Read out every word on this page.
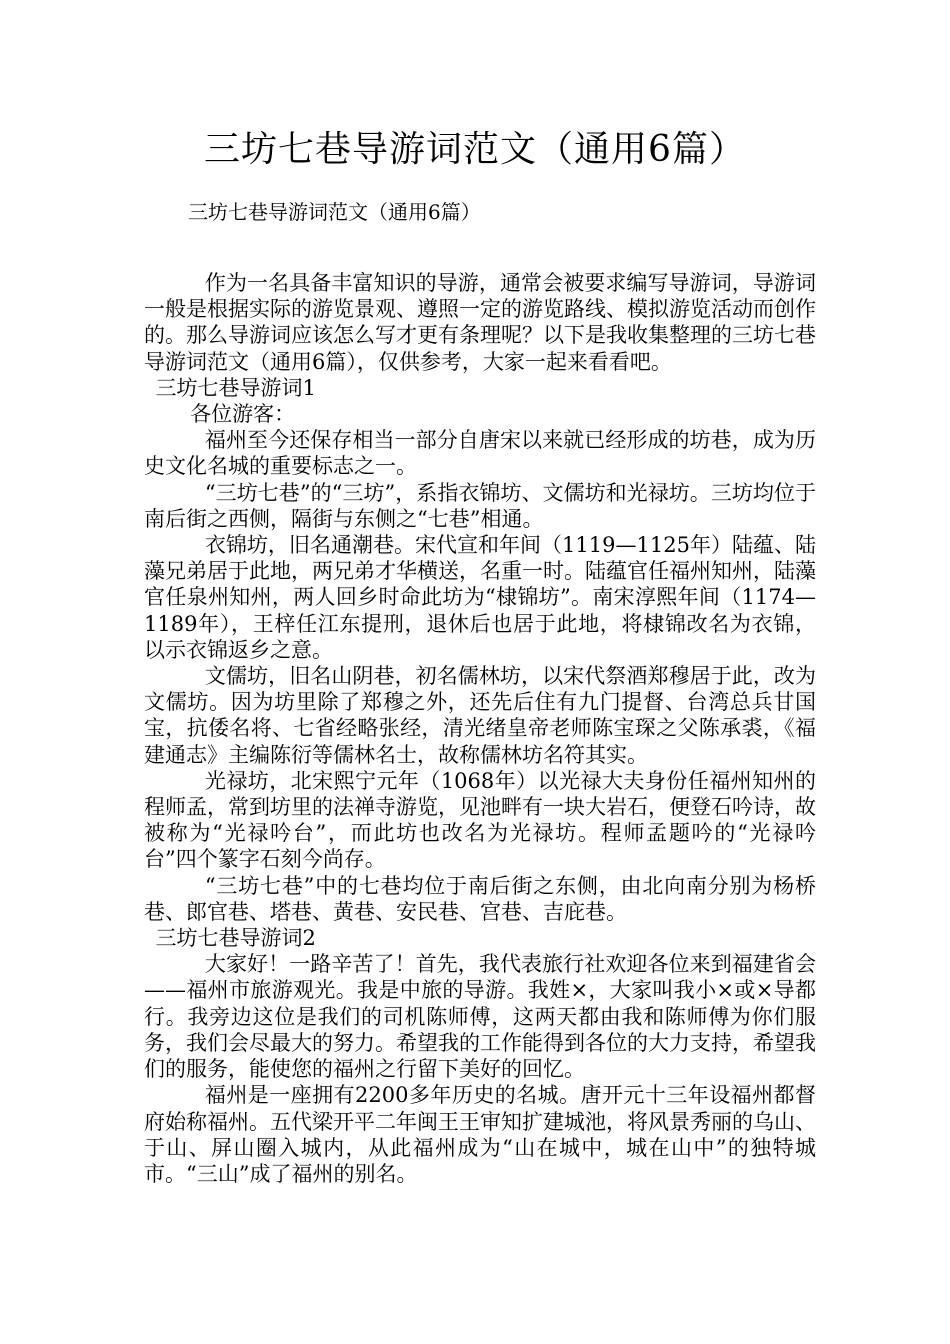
三坊七巷导游词范文（通用6篇）
三坊七巷导游词范文（通用6篇）

作为一名具备丰富知识的导游，通常会被要求编写导游词，导游词一般是根据实际的游览景观、遵照一定的游览路线、模拟游览活动而创作的。那么导游词应该怎么写才更有条理呢？以下是我收集整理的三坊七巷导游词范文（通用6篇），仅供参考，大家一起来看看吧。

三坊七巷导游词1

各位游客：

福州至今还保存相当一部分自唐宋以来就已经形成的坊巷，成为历史文化名城的重要标志之一。

“三坊七巷”的“三坊”，系指衣锦坊、文儒坊和光禄坊。三坊均位于南后街之西侧，隔街与东侧之“七巷”相通。

衣锦坊，旧名通潮巷。宋代宣和年间（1119—1125年）陆蕴、陆藻兄弟居于此地，两兄弟才华横送，名重一时。陆蕴官任福州知州，陆藻官任泉州知州，两人回乡时命此坊为“棣锦坊”。南宋淳熙年间（1174—1189年），王梓任江东提刑，退休后也居于此地，将棣锦改名为衣锦，以示衣锦返乡之意。

文儒坊，旧名山阴巷，初名儒林坊，以宋代祭酒郑穆居于此，改为文儒坊。因为坊里除了郑穆之外，还先后住有九门提督、台湾总兵甘国宝，抗倭名将、七省经略张经，清光绪皇帝老师陈宝琛之父陈承裘，《福建通志》主编陈衍等儒林名士，故称儒林坊名符其实。

光禄坊，北宋熙宁元年（1068年）以光禄大夫身份任福州知州的程师孟，常到坊里的法禅寺游览，见池畔有一块大岩石，便登石吟诗，故被称为“光禄吟台”，而此坊也改名为光禄坊。程师孟题吟的“光禄吟台”四个篆字石刻今尚存。

“三坊七巷”中的七巷均位于南后街之东侧，由北向南分别为杨桥巷、郎官巷、塔巷、黄巷、安民巷、宫巷、吉庇巷。

三坊七巷导游词2

大家好！一路辛苦了！首先，我代表旅行社欢迎各位来到福建省会——福州市旅游观光。我是中旅的导游。我姓×，大家叫我小×或×导都行。我旁边这位是我们的司机陈师傅，这两天都由我和陈师傅为你们服务，我们会尽最大的努力。希望我的工作能得到各位的大力支持，希望我们的服务，能使您的福州之行留下美好的回忆。

福州是一座拥有2200多年历史的名城。唐开元十三年设福州都督府始称福州。五代梁开平二年闽王王审知扩建城池，将风景秀丽的乌山、于山、屏山圈入城内，从此福州成为“山在城中，城在山中”的独特城市。“三山”成了福州的别名。
